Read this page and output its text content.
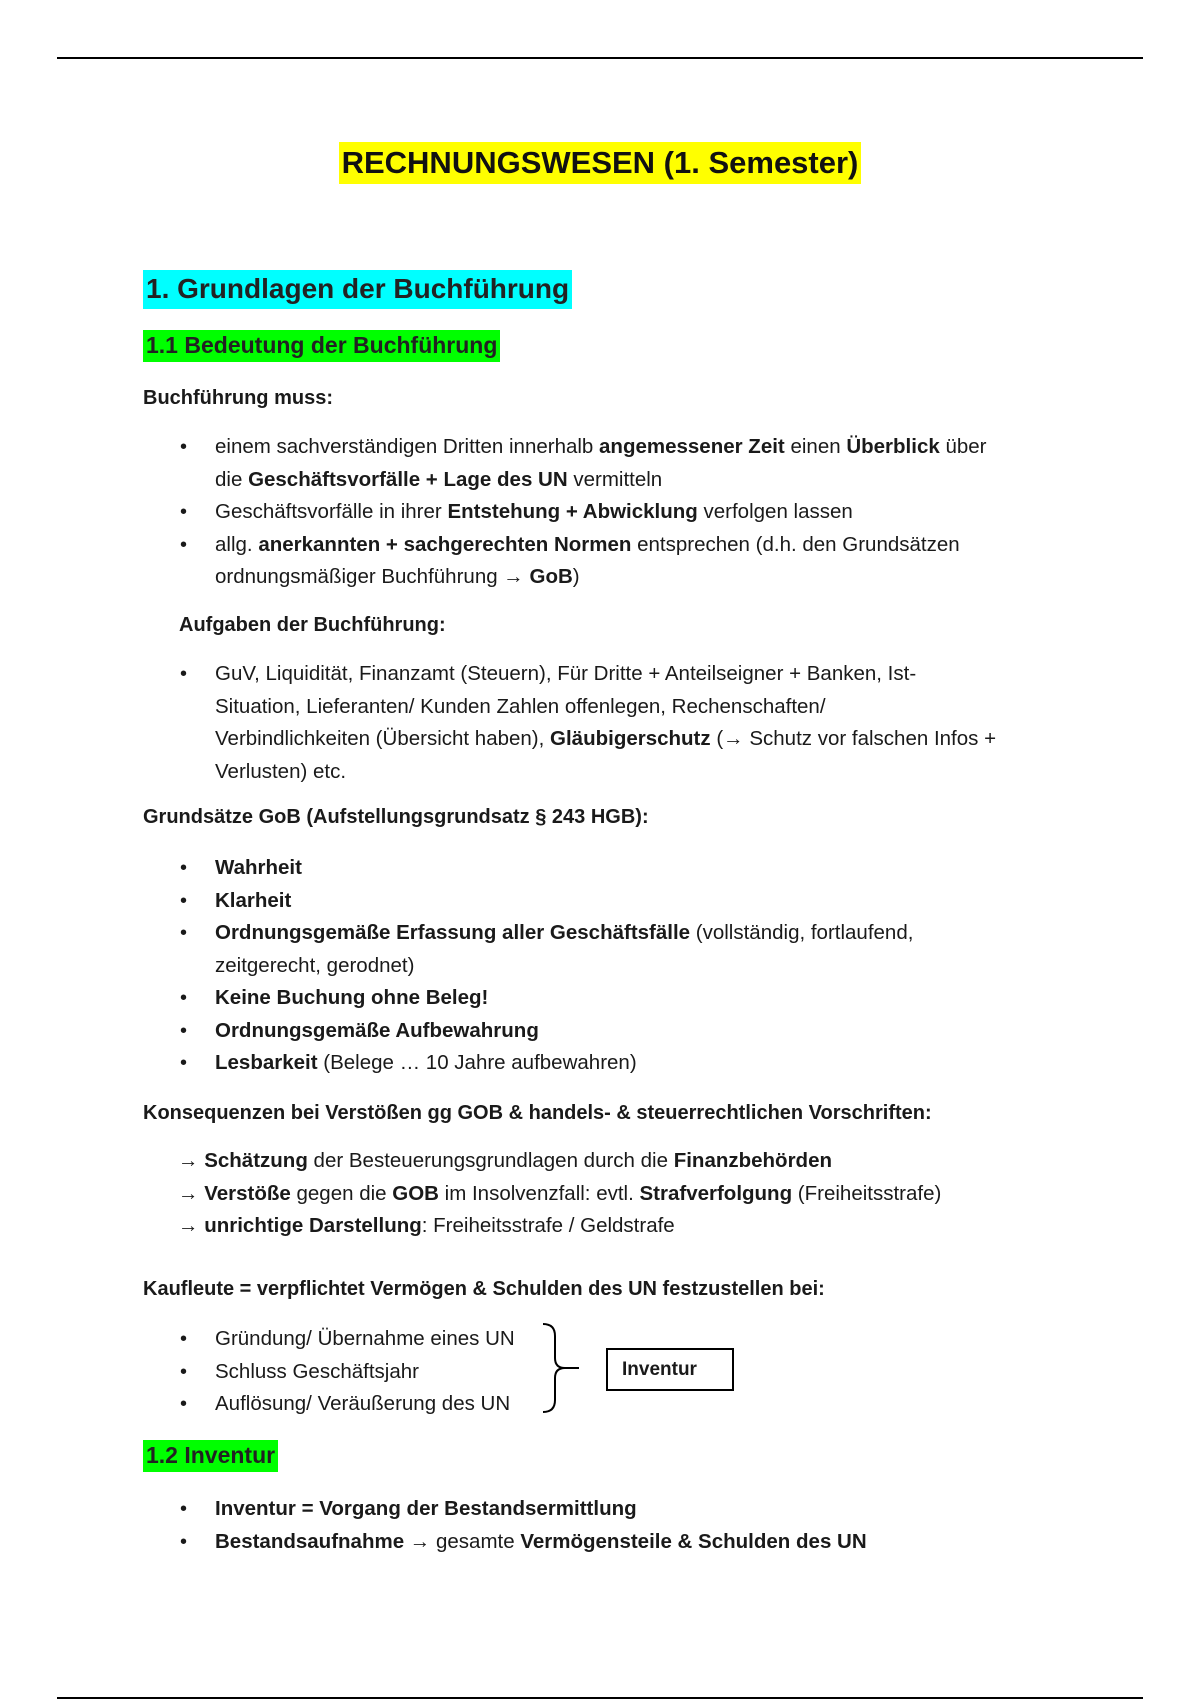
RECHNUNGSWESEN (1. Semester)
1. Grundlagen der Buchführung
1.1 Bedeutung der Buchführung
Buchführung muss:
• einem sachverständigen Dritten innerhalb angemessener Zeit einen Überblick über
die Geschäftsvorfälle + Lage des UN vermitteln
• Geschäftsvorfälle in ihrer Entstehung + Abwicklung verfolgen lassen
• allg. anerkannten + sachgerechten Normen entsprechen (d.h. den Grundsätzen
ordnungsmäßiger Buchführung → GoB)
Aufgaben der Buchführung:
• GuV, Liquidität, Finanzamt (Steuern), Für Dritte + Anteilseigner + Banken, Ist-
Situation, Lieferanten/ Kunden Zahlen offenlegen, Rechenschaften/
Verbindlichkeiten (Übersicht haben), Gläubigerschutz (→ Schutz vor falschen Infos +
Verlusten) etc.
Grundsätze GoB (Aufstellungsgrundsatz § 243 HGB):
• Wahrheit
• Klarheit
• Ordnungsgemäße Erfassung aller Geschäftsfälle (vollständig, fortlaufend,
zeitgerecht, gerodnet)
• Keine Buchung ohne Beleg!
• Ordnungsgemäße Aufbewahrung
• Lesbarkeit (Belege … 10 Jahre aufbewahren)
Konsequenzen bei Verstößen gg GOB & handels- & steuerrechtlichen Vorschriften:
→ Schätzung der Besteuerungsgrundlagen durch die Finanzbehörden
→ Verstöße gegen die GOB im Insolvenzfall: evtl. Strafverfolgung (Freiheitsstrafe)
→ unrichtige Darstellung: Freiheitsstrafe / Geldstrafe
Kaufleute = verpflichtet Vermögen & Schulden des UN festzustellen bei:
• Gründung/ Übernahme eines UN
• Schluss Geschäftsjahr
• Auflösung/ Veräußerung des UN
Inventur
1.2 Inventur
• Inventur = Vorgang der Bestandsermittlung
• Bestandsaufnahme → gesamte Vermögensteile & Schulden des UN
